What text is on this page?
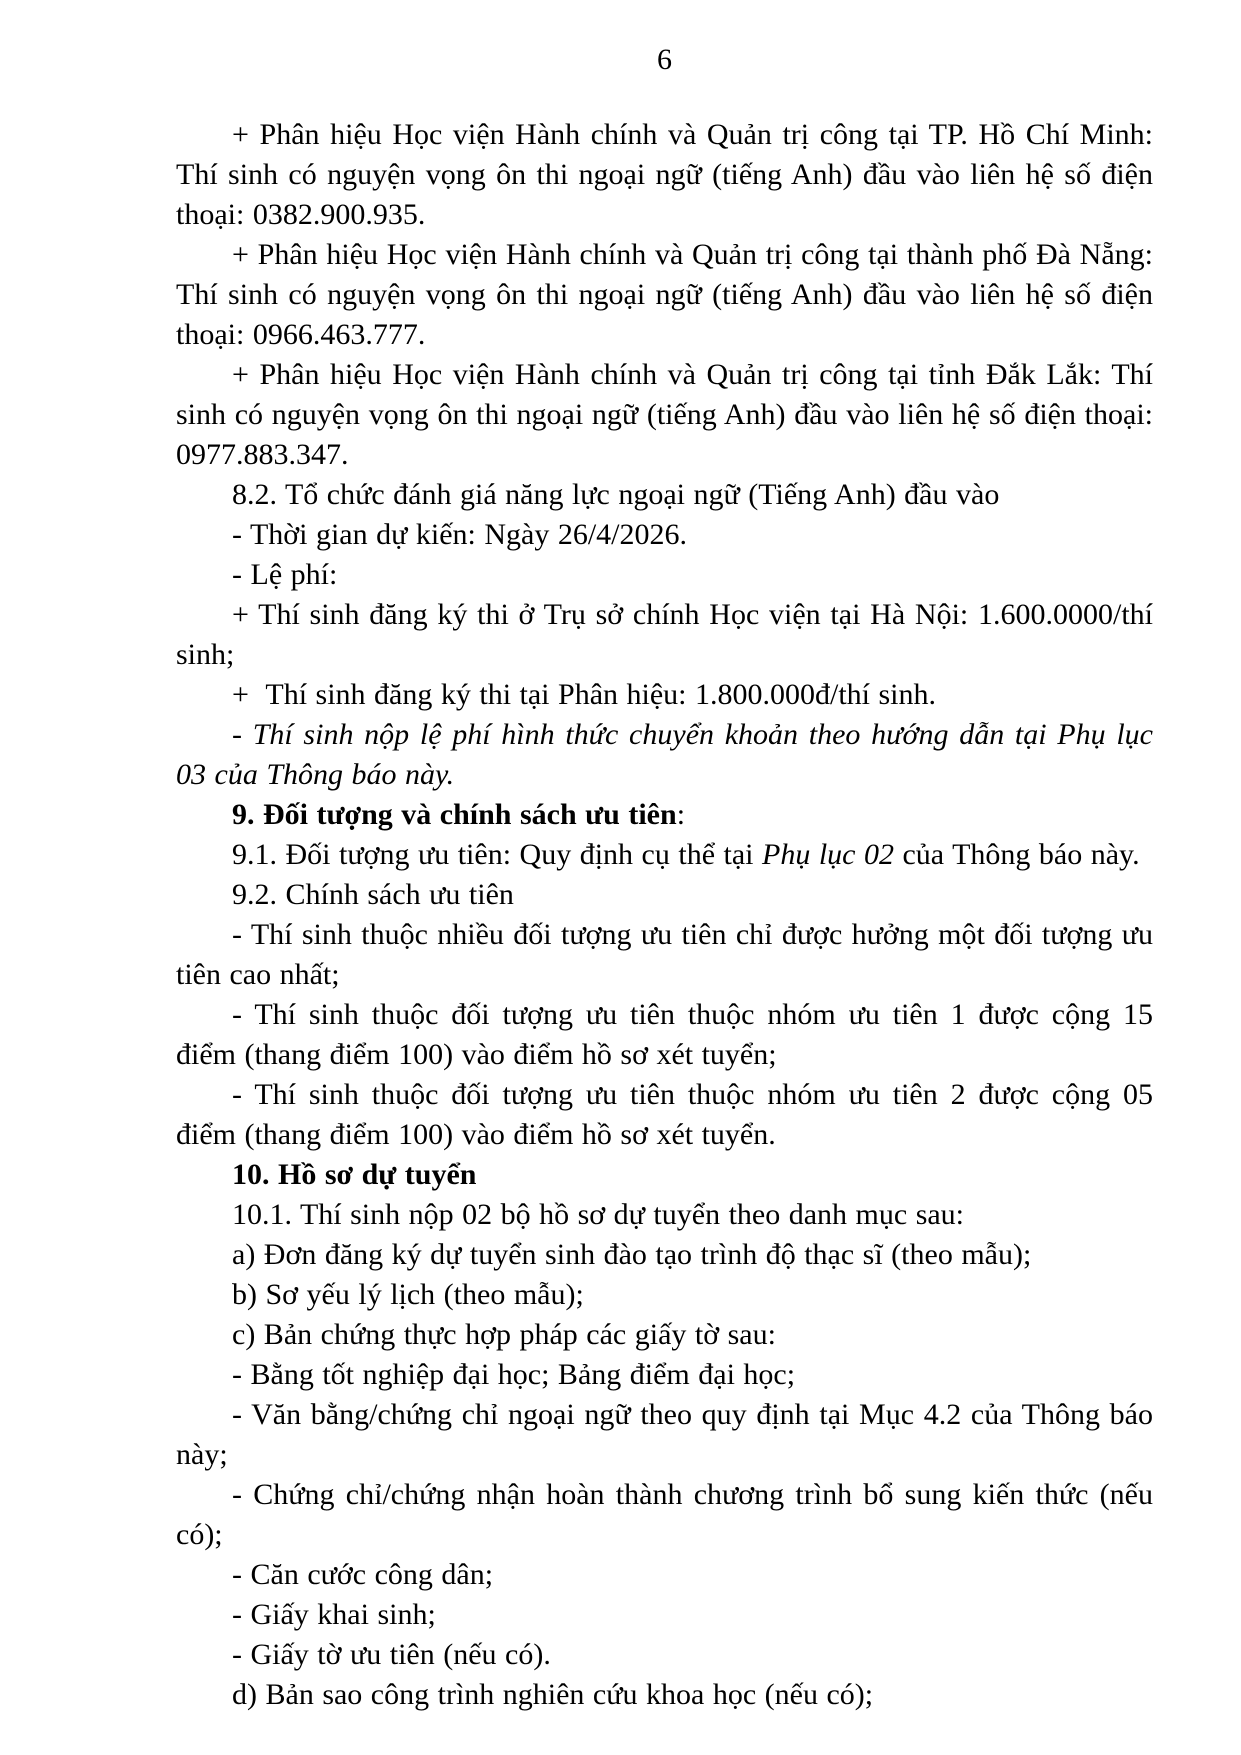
6

+ Phân hiệu Học viện Hành chính và Quản trị công tại TP. Hồ Chí Minh: Thí sinh có nguyện vọng ôn thi ngoại ngữ (tiếng Anh) đầu vào liên hệ số điện thoại: 0382.900.935.

+ Phân hiệu Học viện Hành chính và Quản trị công tại thành phố Đà Nẵng: Thí sinh có nguyện vọng ôn thi ngoại ngữ (tiếng Anh) đầu vào liên hệ số điện thoại: 0966.463.777.

+ Phân hiệu Học viện Hành chính và Quản trị công tại tỉnh Đắk Lắk: Thí sinh có nguyện vọng ôn thi ngoại ngữ (tiếng Anh) đầu vào liên hệ số điện thoại: 0977.883.347.

8.2. Tổ chức đánh giá năng lực ngoại ngữ (Tiếng Anh) đầu vào

- Thời gian dự kiến: Ngày 26/4/2026.

- Lệ phí:

+ Thí sinh đăng ký thi ở Trụ sở chính Học viện tại Hà Nội: 1.600.0000/thí sinh;

+  Thí sinh đăng ký thi tại Phân hiệu: 1.800.000đ/thí sinh.

- Thí sinh nộp lệ phí hình thức chuyển khoản theo hướng dẫn tại Phụ lục 03 của Thông báo này.

9. Đối tượng và chính sách ưu tiên:

9.1. Đối tượng ưu tiên: Quy định cụ thể tại Phụ lục 02 của Thông báo này.

9.2. Chính sách ưu tiên

- Thí sinh thuộc nhiều đối tượng ưu tiên chỉ được hưởng một đối tượng ưu tiên cao nhất;

- Thí sinh thuộc đối tượng ưu tiên thuộc nhóm ưu tiên 1 được cộng 15 điểm (thang điểm 100) vào điểm hồ sơ xét tuyển;

- Thí sinh thuộc đối tượng ưu tiên thuộc nhóm ưu tiên 2 được cộng 05 điểm (thang điểm 100) vào điểm hồ sơ xét tuyển.

10. Hồ sơ dự tuyển

10.1. Thí sinh nộp 02 bộ hồ sơ dự tuyển theo danh mục sau:

a) Đơn đăng ký dự tuyển sinh đào tạo trình độ thạc sĩ (theo mẫu);

b) Sơ yếu lý lịch (theo mẫu);

c) Bản chứng thực hợp pháp các giấy tờ sau:

- Bằng tốt nghiệp đại học; Bảng điểm đại học;

- Văn bằng/chứng chỉ ngoại ngữ theo quy định tại Mục 4.2 của Thông báo này;

- Chứng chỉ/chứng nhận hoàn thành chương trình bổ sung kiến thức (nếu có);

- Căn cước công dân;

- Giấy khai sinh;

- Giấy tờ ưu tiên (nếu có).

d) Bản sao công trình nghiên cứu khoa học (nếu có);
